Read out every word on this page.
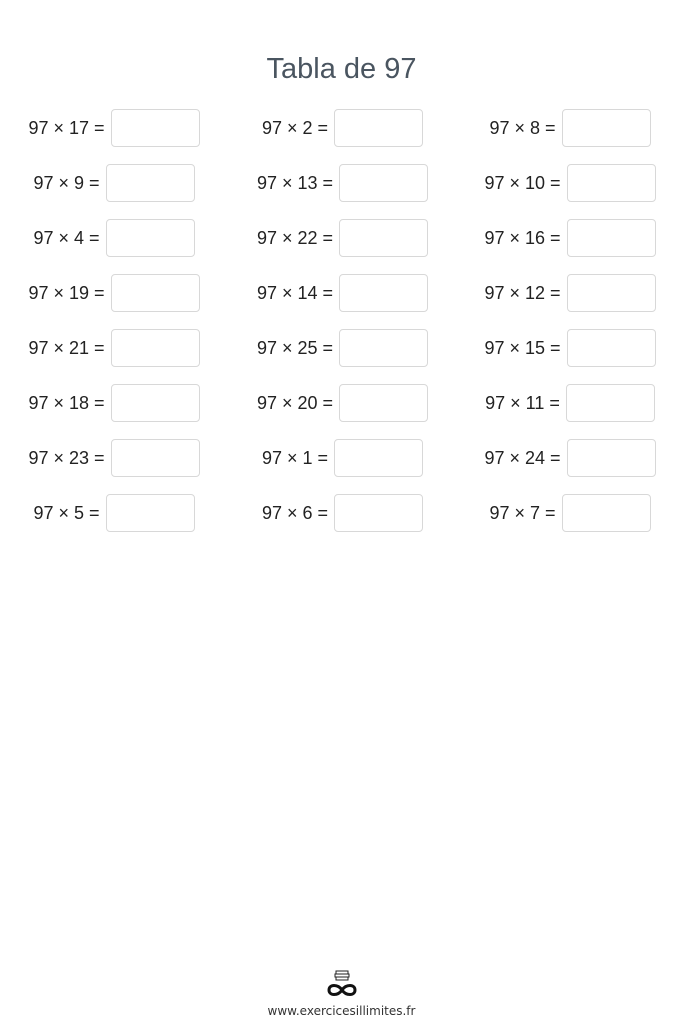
Tabla de 97
97 × 17 =	97 × 2 =	97 × 8 =
97 × 9 =	97 × 13 =	97 × 10 =
97 × 4 =	97 × 22 =	97 × 16 =
97 × 19 =	97 × 14 =	97 × 12 =
97 × 21 =	97 × 25 =	97 × 15 =
97 × 18 =	97 × 20 =	97 × 11 =
97 × 23 =	97 × 1 =	97 × 24 =
97 × 5 =	97 × 6 =	97 × 7 =
www.exercicesillimites.fr
